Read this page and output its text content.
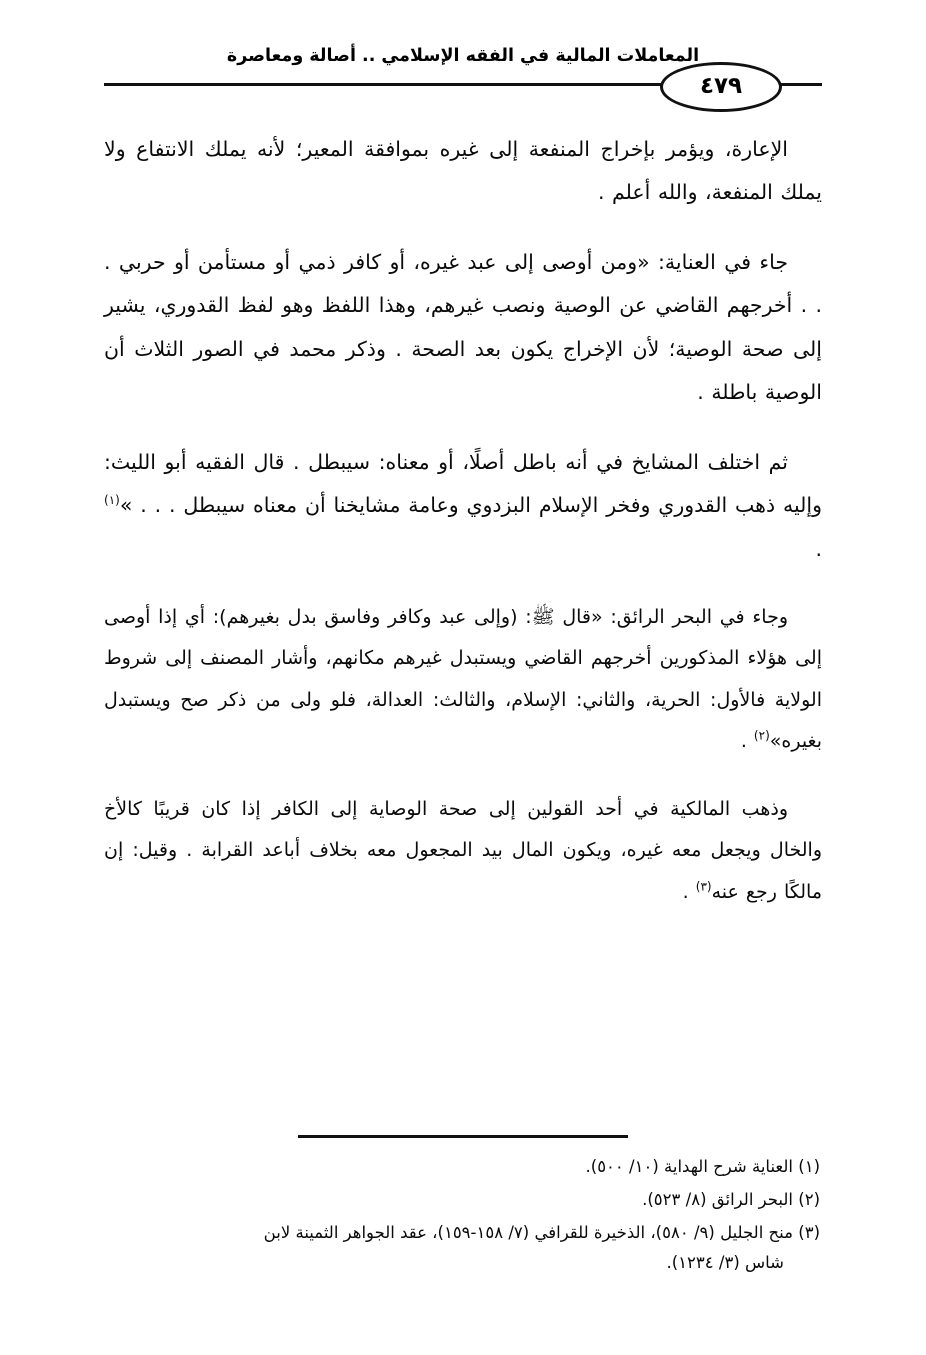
المعاملات المالية في الفقه الإسلامي .. أصالة ومعاصرة
٤٧٩

الإعارة، ويؤمر بإخراج المنفعة إلى غيره بموافقة المعير؛ لأنه يملك الانتفاع ولا يملك المنفعة، والله أعلم .

جاء في العناية: «ومن أوصى إلى عبد غيره، أو كافر ذمي أو مستأمن أو حربي . . . أخرجهم القاضي عن الوصية ونصب غيرهم، وهذا اللفظ وهو لفظ القدوري، يشير إلى صحة الوصية؛ لأن الإخراج يكون بعد الصحة . وذكر محمد في الصور الثلاث أن الوصية باطلة .

ثم اختلف المشايخ في أنه باطل أصلًا، أو معناه: سيبطل . قال الفقيه أبو الليث: وإليه ذهب القدوري وفخر الإسلام البزدوي وعامة مشايخنا أن معناه سيبطل . . . »$^{(١)}$ .

وجاء في البحر الرائق: «قال ﷺ: (وإلى عبد وكافر وفاسق بدل بغيرهم): أي إذا أوصى إلى هؤلاء المذكورين أخرجهم القاضي ويستبدل غيرهم مكانهم، وأشار المصنف إلى شروط الولاية فالأول: الحرية، والثاني: الإسلام، والثالث: العدالة، فلو ولى من ذكر صح ويستبدل بغيره»$^{(٢)}$ .

وذهب المالكية في أحد القولين إلى صحة الوصاية إلى الكافر إذا كان قريبًا كالأخ والخال ويجعل معه غيره، ويكون المال بيد المجعول معه بخلاف أباعد القرابة . وقيل: إن مالكًا رجع عنه$^{(٣)}$ .

(١) العناية شرح الهداية (١٠/ ٥٠٠).
(٢) البحر الرائق (٨/ ٥٢٣).
(٣) منح الجليل (٩/ ٥٨٠)، الذخيرة للقرافي (٧/ ١٥٨-١٥٩)، عقد الجواهر الثمينة لابن
شاس (٣/ ١٢٣٤).
